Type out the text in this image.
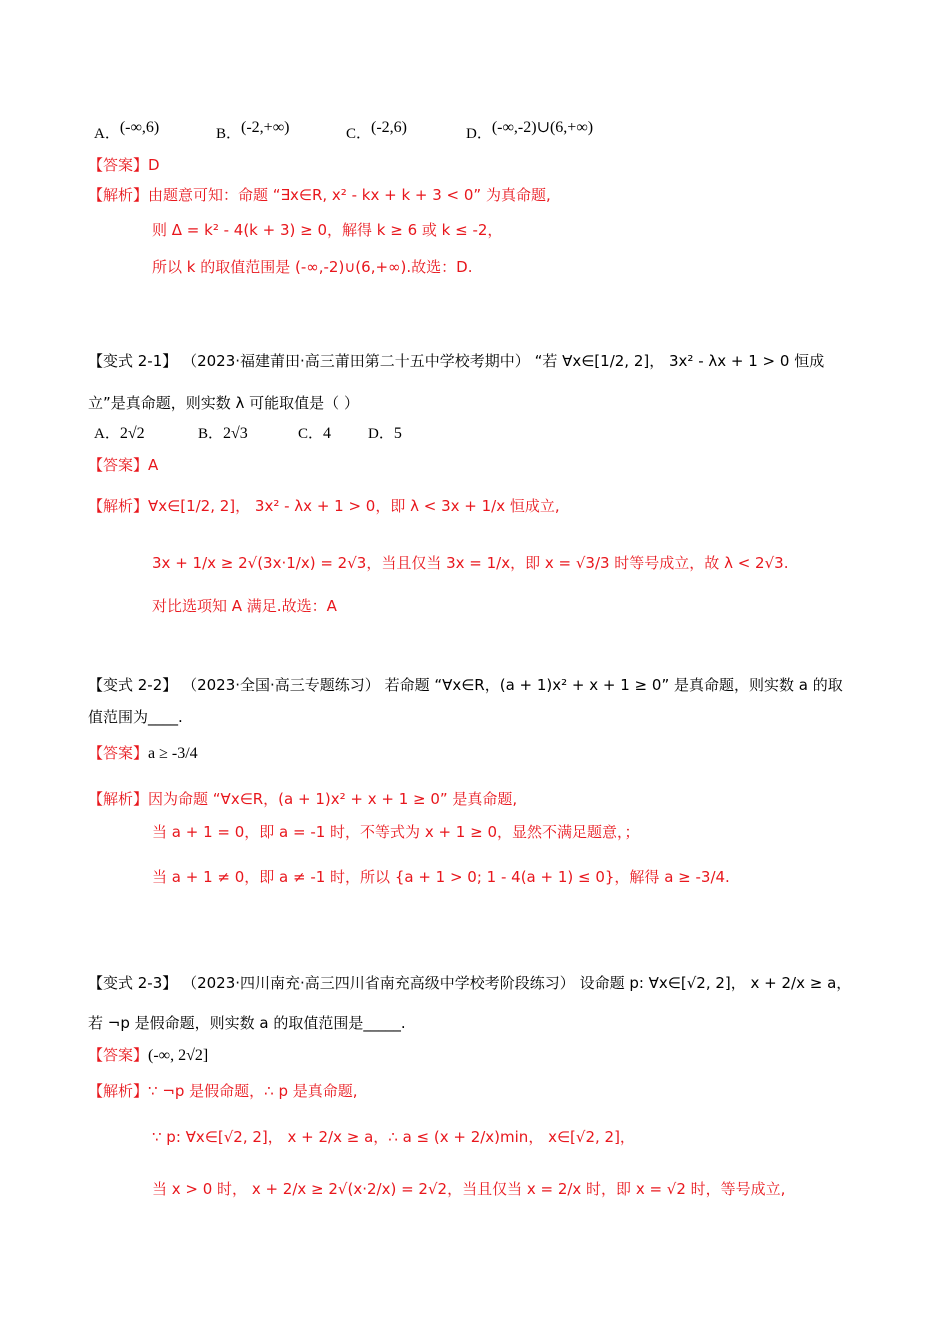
A．(-∞,6)	B．(-2,+∞)	C．(-2,6)	D．(-∞,-2)∪(6,+∞)
【答案】D
【解析】由题意可知：命题 “∃x∈R, x² - kx + k + 3 < 0” 为真命题,
则 Δ = k² - 4(k + 3) ≥ 0，解得 k ≥ 6 或 k ≤ -2，
所以 k 的取值范围是 (-∞,-2)∪(6,+∞).故选：D.
【变式 2-1】 （2023·福建莆田·高三莆田第二十五中学校考期中） “若 ∀x∈[1/2, 2]， 3x² - λx + 1 > 0 恒成
立”是真命题，则实数 λ 可能取值是（ ）
A．2√2	B．2√3	C．4 D．5
【答案】A
【解析】∀x∈[1/2, 2]， 3x² - λx + 1 > 0，即 λ < 3x + 1/x 恒成立,
3x + 1/x ≥ 2√(3x·1/x) = 2√3，当且仅当 3x = 1/x，即 x = √3/3 时等号成立，故 λ < 2√3.
对比选项知 A 满足.故选：A
【变式 2-2】 （2023·全国·高三专题练习） 若命题 “∀x∈R，(a + 1)x² + x + 1 ≥ 0” 是真命题，则实数 a 的取
值范围为____.
【答案】a ≥ -3/4
【解析】因为命题 “∀x∈R，(a + 1)x² + x + 1 ≥ 0” 是真命题,
当 a + 1 = 0，即 a = -1 时，不等式为 x + 1 ≥ 0，显然不满足题意，；
当 a + 1 ≠ 0，即 a ≠ -1 时，所以 {a + 1 > 0; 1 - 4(a + 1) ≤ 0}，解得 a ≥ -3/4.
【变式 2-3】 （2023·四川南充·高三四川省南充高级中学校考阶段练习） 设命题 p: ∀x∈[√2, 2]， x + 2/x ≥ a，
若 ¬p 是假命题，则实数 a 的取值范围是_____.
【答案】(-∞, 2√2]
【解析】∵ ¬p 是假命题，∴ p 是真命题,
∵ p: ∀x∈[√2, 2]， x + 2/x ≥ a，∴ a ≤ (x + 2/x)min， x∈[√2, 2]，
当 x > 0 时， x + 2/x ≥ 2√(x·2/x) = 2√2，当且仅当 x = 2/x 时，即 x = √2 时，等号成立,
